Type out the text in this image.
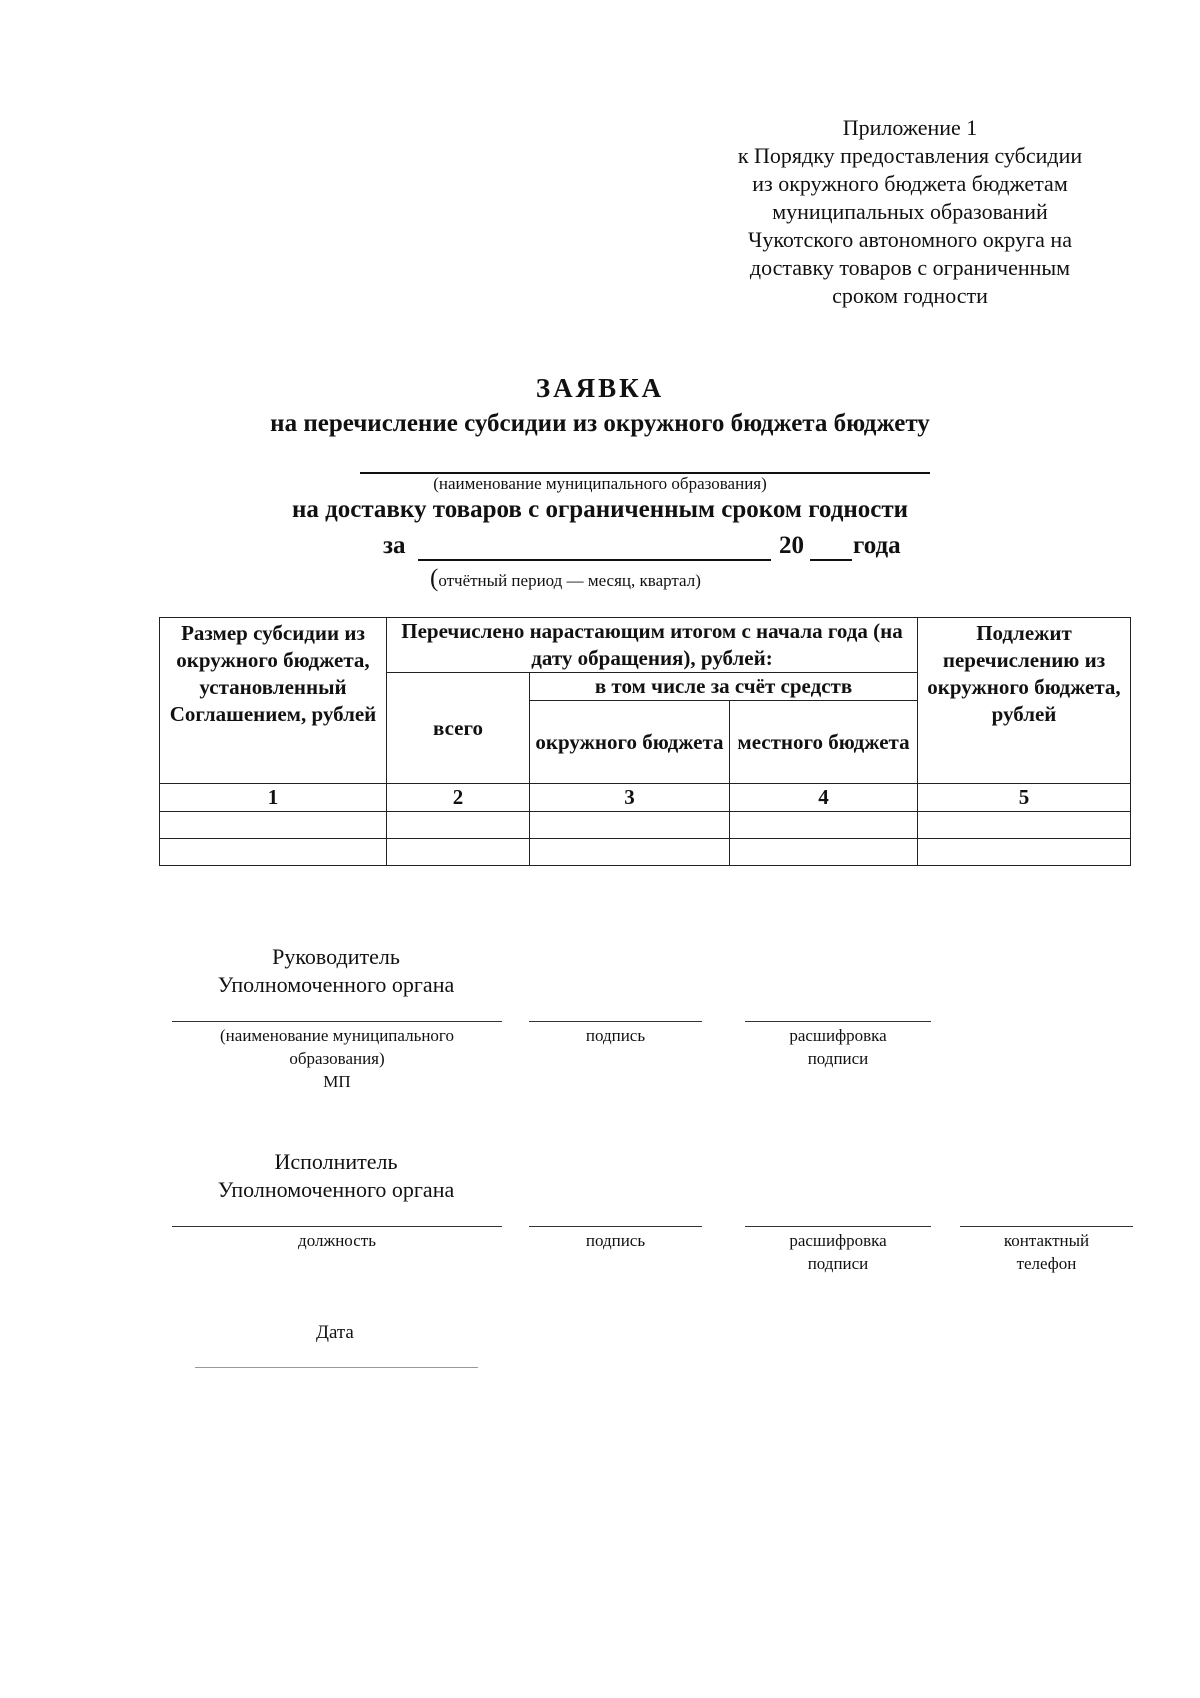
Приложение 1
к Порядку предоставления субсидии
из окружного бюджета бюджетам
муниципальных образований
Чукотского автономного округа на
доставку товаров с ограниченным
сроком годности
ЗАЯВКА
на перечисление субсидии из окружного бюджета бюджету
(наименование муниципального образования)
на доставку товаров с ограниченным сроком годности
за	20 года
(отчётный период — месяц, квартал)
Размер субсидии из окружного бюджета, установленный Соглашением, рублей	Перечислено нарастающим итогом с начала года (на дату обращения), рублей:			Подлежит перечислению из окружного бюджета, рублей
	всего	в том числе за счёт средств		
		окружного бюджета	местного бюджета	
1	2	3	4	5

Руководитель
Уполномоченного органа
(наименование муниципального образования)
МП
подпись	расшифровка подписи
Исполнитель
Уполномоченного органа
должность	подпись	расшифровка подписи
контактный телефон
Дата
